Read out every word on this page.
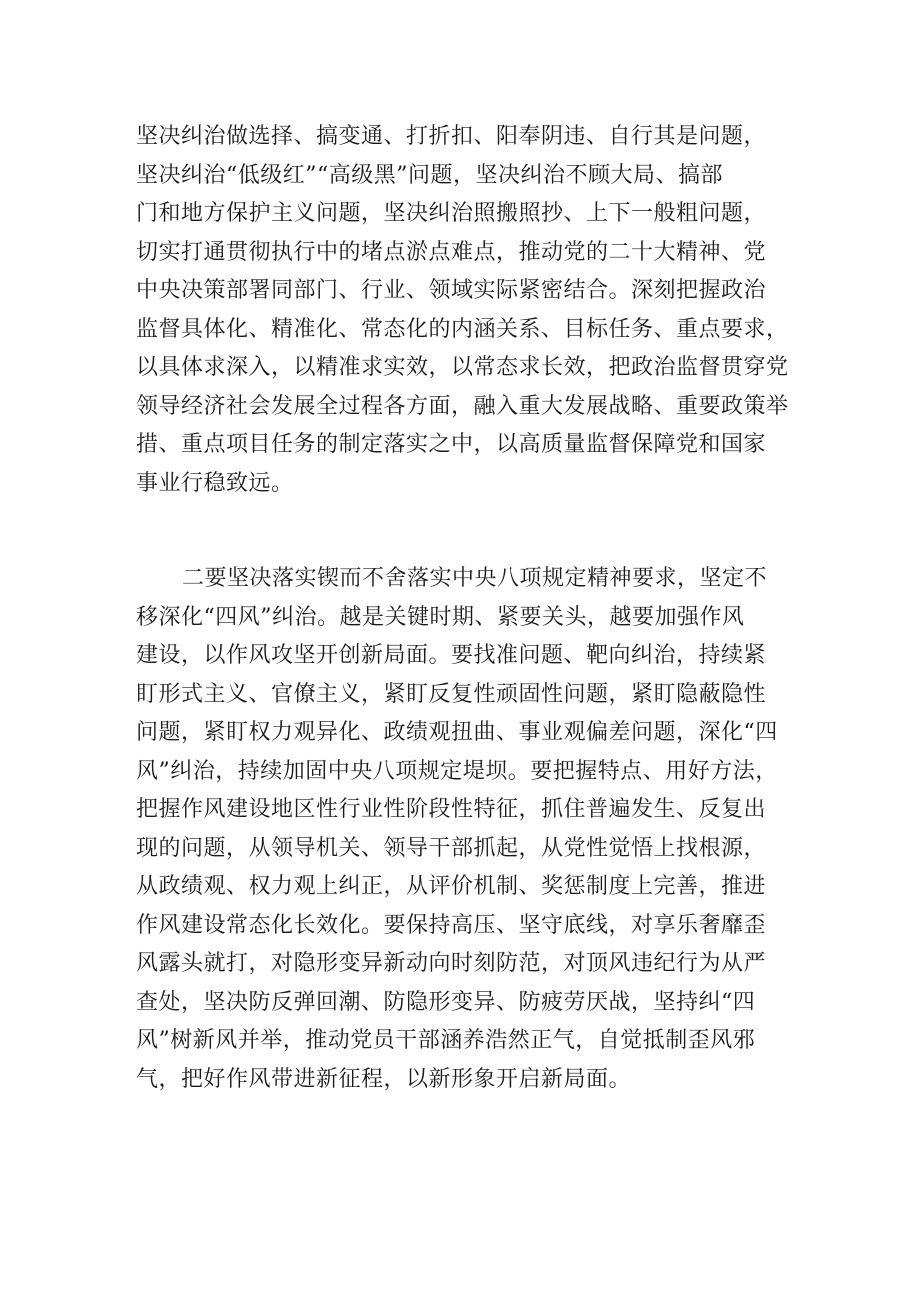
坚决纠治做选择、搞变通、打折扣、阳奉阴违、自行其是问题，
坚决纠治“低级红”“高级黑”问题，坚决纠治不顾大局、搞部
门和地方保护主义问题，坚决纠治照搬照抄、上下一般粗问题，
切实打通贯彻执行中的堵点淤点难点，推动党的二十大精神、党
中央决策部署同部门、行业、领域实际紧密结合。深刻把握政治
监督具体化、精准化、常态化的内涵关系、目标任务、重点要求，
以具体求深入，以精准求实效，以常态求长效，把政治监督贯穿党
领导经济社会发展全过程各方面，融入重大发展战略、重要政策举
措、重点项目任务的制定落实之中，以高质量监督保障党和国家
事业行稳致远。
二要坚决落实锲而不舍落实中央八项规定精神要求，坚定不
移深化“四风”纠治。越是关键时期、紧要关头，越要加强作风
建设，以作风攻坚开创新局面。要找准问题、靶向纠治，持续紧
盯形式主义、官僚主义，紧盯反复性顽固性问题，紧盯隐蔽隐性
问题，紧盯权力观异化、政绩观扭曲、事业观偏差问题，深化“四
风”纠治，持续加固中央八项规定堤坝。要把握特点、用好方法，
把握作风建设地区性行业性阶段性特征，抓住普遍发生、反复出
现的问题，从领导机关、领导干部抓起，从党性觉悟上找根源，
从政绩观、权力观上纠正，从评价机制、奖惩制度上完善，推进
作风建设常态化长效化。要保持高压、坚守底线，对享乐奢靡歪
风露头就打，对隐形变异新动向时刻防范，对顶风违纪行为从严
查处，坚决防反弹回潮、防隐形变异、防疲劳厌战，坚持纠“四
风”树新风并举，推动党员干部涵养浩然正气，自觉抵制歪风邪
气，把好作风带进新征程，以新形象开启新局面。
